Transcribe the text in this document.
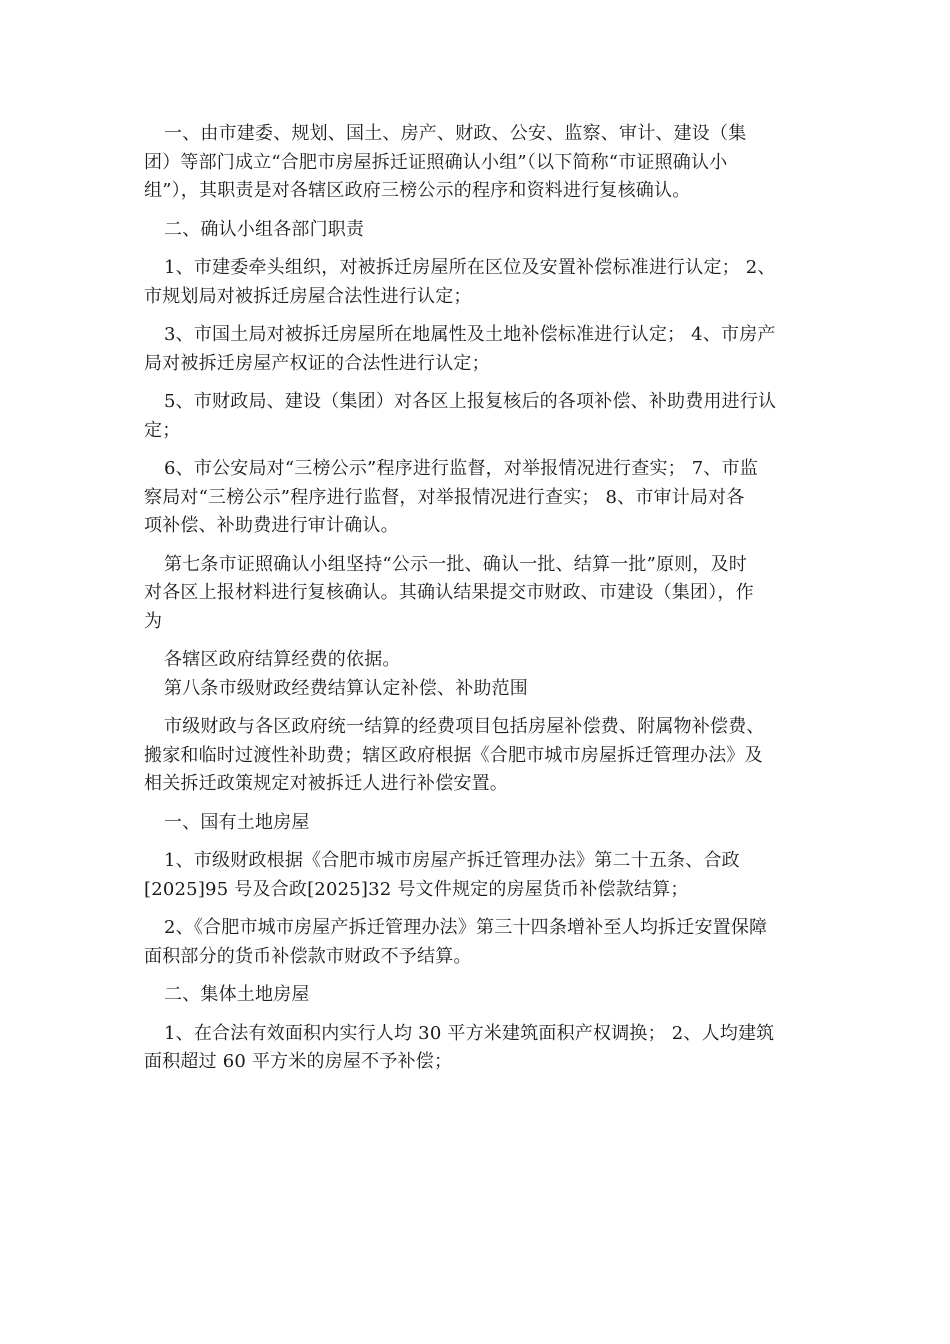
一、由市建委、规划、国土、房产、财政、公安、监察、审计、建设（集
团）等部门成立“合肥市房屋拆迁证照确认小组”（以下简称“市证照确认小
组”），其职责是对各辖区政府三榜公示的程序和资料进行复核确认。
二、确认小组各部门职责
1、市建委牵头组织，对被拆迁房屋所在区位及安置补偿标准进行认定； 2、
市规划局对被拆迁房屋合法性进行认定；
3、市国土局对被拆迁房屋所在地属性及土地补偿标准进行认定； 4、市房产
局对被拆迁房屋产权证的合法性进行认定；
5、市财政局、建设（集团）对各区上报复核后的各项补偿、补助费用进行认
定；
6、市公安局对“三榜公示”程序进行监督，对举报情况进行查实； 7、市监
察局对“三榜公示”程序进行监督，对举报情况进行查实； 8、市审计局对各
项补偿、补助费进行审计确认。
第七条市证照确认小组坚持“公示一批、确认一批、结算一批”原则，及时
对各区上报材料进行复核确认。其确认结果提交市财政、市建设（集团），作
为
各辖区政府结算经费的依据。
第八条市级财政经费结算认定补偿、补助范围
市级财政与各区政府统一结算的经费项目包括房屋补偿费、附属物补偿费、
搬家和临时过渡性补助费；辖区政府根据《合肥市城市房屋拆迁管理办法》及
相关拆迁政策规定对被拆迁人进行补偿安置。
一、国有土地房屋
1、市级财政根据《合肥市城市房屋产拆迁管理办法》第二十五条、合政
[2025]95 号及合政[2025]32 号文件规定的房屋货币补偿款结算；
2、《合肥市城市房屋产拆迁管理办法》第三十四条增补至人均拆迁安置保障
面积部分的货币补偿款市财政不予结算。
二、集体土地房屋
1、在合法有效面积内实行人均 30 平方米建筑面积产权调换； 2、人均建筑
面积超过 60 平方米的房屋不予补偿；
